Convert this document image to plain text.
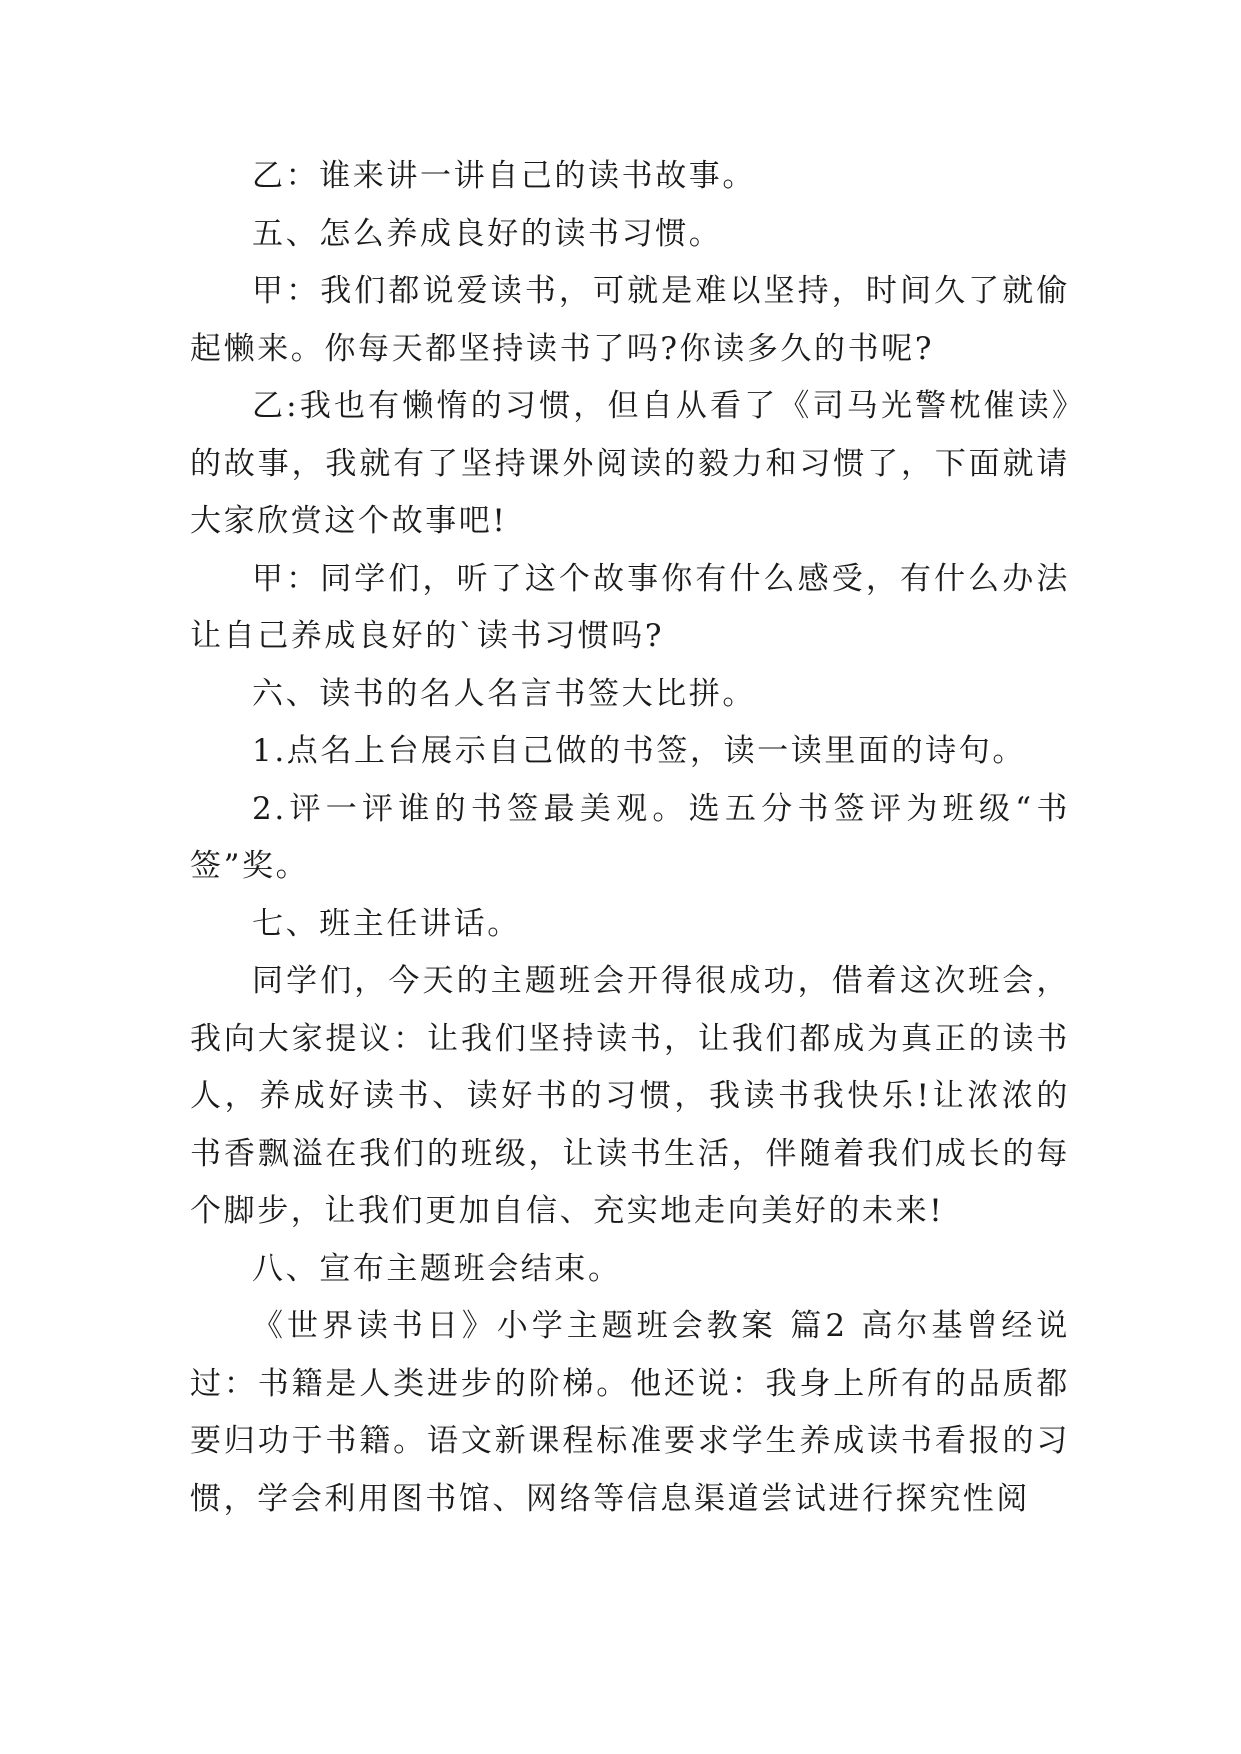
乙：谁来讲一讲自己的读书故事。

五、怎么养成良好的读书习惯。

甲：我们都说爱读书，可就是难以坚持，时间久了就偷起懒来。你每天都坚持读书了吗?你读多久的书呢?

乙:我也有懒惰的习惯，但自从看了《司马光警枕催读》的故事，我就有了坚持课外阅读的毅力和习惯了，下面就请大家欣赏这个故事吧!

甲：同学们，听了这个故事你有什么感受，有什么办法让自己养成良好的`读书习惯吗?

六、读书的名人名言书签大比拼。

1.点名上台展示自己做的书签，读一读里面的诗句。

2.评一评谁的书签最美观。选五分书签评为班级“书签”奖。

七、班主任讲话。

同学们，今天的主题班会开得很成功，借着这次班会，我向大家提议：让我们坚持读书，让我们都成为真正的读书人，养成好读书、读好书的习惯，我读书我快乐!让浓浓的书香飘溢在我们的班级，让读书生活，伴随着我们成长的每个脚步，让我们更加自信、充实地走向美好的未来!

八、宣布主题班会结束。

《世界读书日》小学主题班会教案 篇2 高尔基曾经说过：书籍是人类进步的阶梯。他还说：我身上所有的品质都要归功于书籍。语文新课程标准要求学生养成读书看报的习惯，学会利用图书馆、网络等信息渠道尝试进行探究性阅
